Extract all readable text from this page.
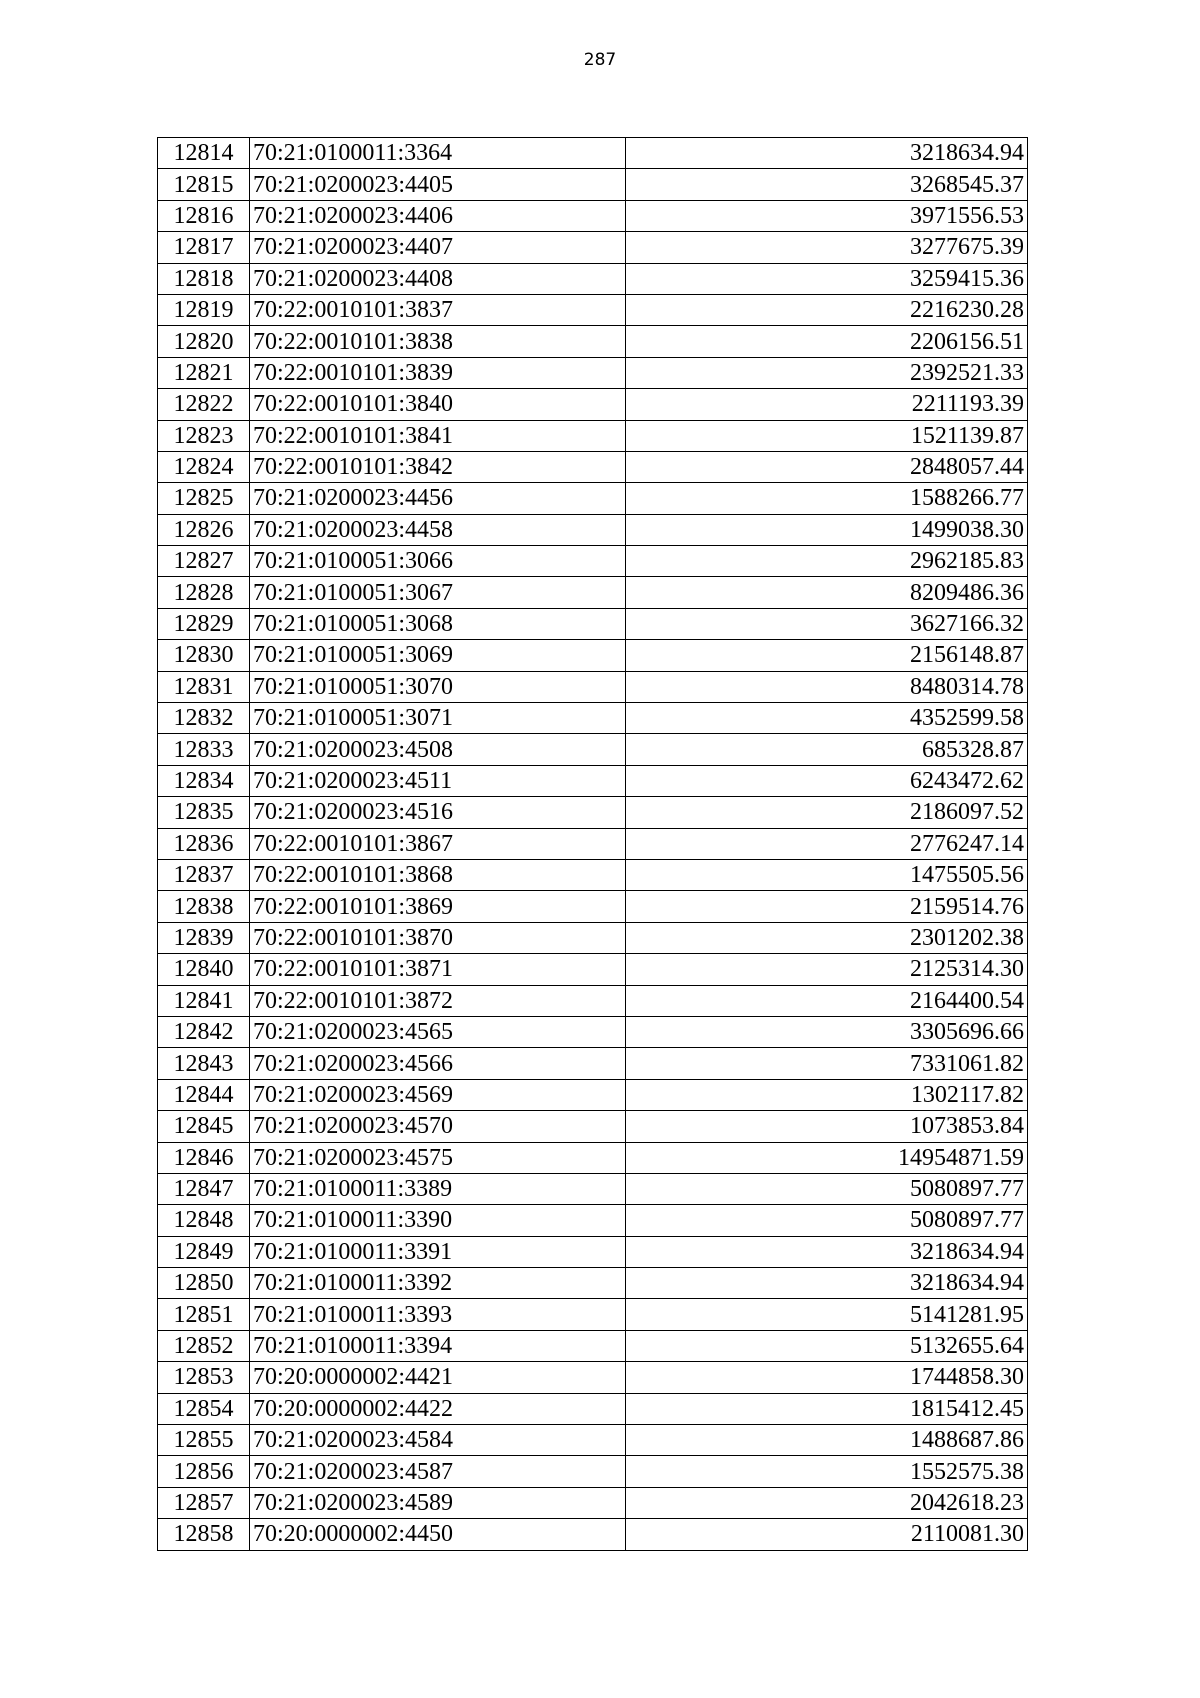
287
12814	70:21:0100011:3364	3218634.94
12815	70:21:0200023:4405	3268545.37
12816	70:21:0200023:4406	3971556.53
12817	70:21:0200023:4407	3277675.39
12818	70:21:0200023:4408	3259415.36
12819	70:22:0010101:3837	2216230.28
12820	70:22:0010101:3838	2206156.51
12821	70:22:0010101:3839	2392521.33
12822	70:22:0010101:3840	2211193.39
12823	70:22:0010101:3841	1521139.87
12824	70:22:0010101:3842	2848057.44
12825	70:21:0200023:4456	1588266.77
12826	70:21:0200023:4458	1499038.30
12827	70:21:0100051:3066	2962185.83
12828	70:21:0100051:3067	8209486.36
12829	70:21:0100051:3068	3627166.32
12830	70:21:0100051:3069	2156148.87
12831	70:21:0100051:3070	8480314.78
12832	70:21:0100051:3071	4352599.58
12833	70:21:0200023:4508	685328.87
12834	70:21:0200023:4511	6243472.62
12835	70:21:0200023:4516	2186097.52
12836	70:22:0010101:3867	2776247.14
12837	70:22:0010101:3868	1475505.56
12838	70:22:0010101:3869	2159514.76
12839	70:22:0010101:3870	2301202.38
12840	70:22:0010101:3871	2125314.30
12841	70:22:0010101:3872	2164400.54
12842	70:21:0200023:4565	3305696.66
12843	70:21:0200023:4566	7331061.82
12844	70:21:0200023:4569	1302117.82
12845	70:21:0200023:4570	1073853.84
12846	70:21:0200023:4575	14954871.59
12847	70:21:0100011:3389	5080897.77
12848	70:21:0100011:3390	5080897.77
12849	70:21:0100011:3391	3218634.94
12850	70:21:0100011:3392	3218634.94
12851	70:21:0100011:3393	5141281.95
12852	70:21:0100011:3394	5132655.64
12853	70:20:0000002:4421	1744858.30
12854	70:20:0000002:4422	1815412.45
12855	70:21:0200023:4584	1488687.86
12856	70:21:0200023:4587	1552575.38
12857	70:21:0200023:4589	2042618.23
12858	70:20:0000002:4450	2110081.30
